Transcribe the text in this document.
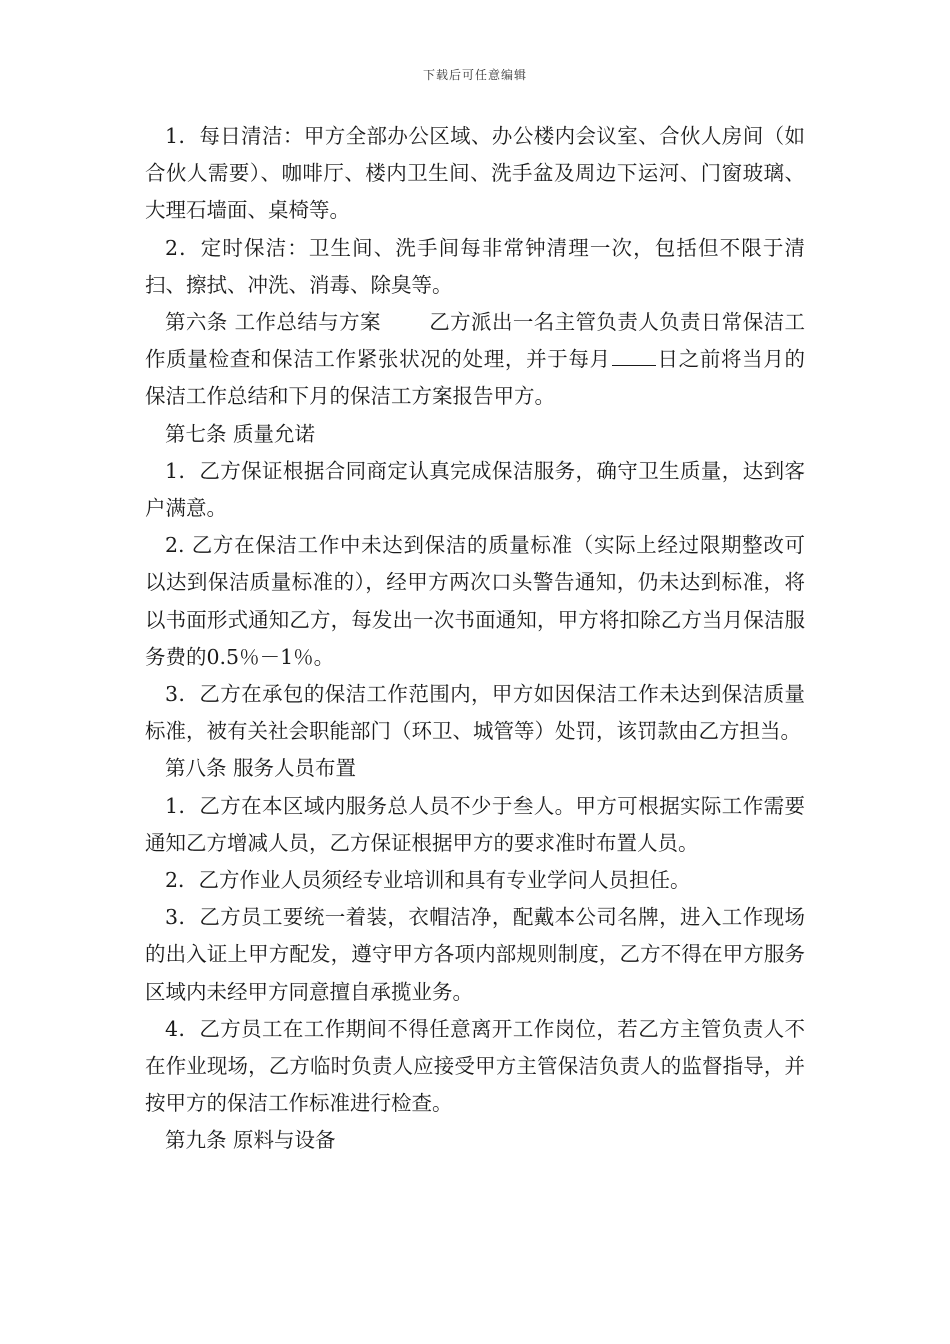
下载后可任意编辑

1．每日清洁：甲方全部办公区域、办公楼内会议室、合伙人房间（如合伙人需要）、咖啡厅、楼内卫生间、洗手盆及周边下运河、门窗玻璃、大理石墙面、桌椅等。

2．定时保洁：卫生间、洗手间每非常钟清理一次，包括但不限于清扫、擦拭、冲洗、消毒、除臭等。

第六条 工作总结与方案 乙方派出一名主管负责人负责日常保洁工作质量检查和保洁工作紧张状况的处理，并于每月 日之前将当月的保洁工作总结和下月的保洁工方案报告甲方。

第七条 质量允诺

1．乙方保证根据合同商定认真完成保洁服务，确守卫生质量，达到客户满意。

2. 乙方在保洁工作中未达到保洁的质量标准（实际上经过限期整改可以达到保洁质量标准的），经甲方两次口头警告通知，仍未达到标准，将以书面形式通知乙方，每发出一次书面通知，甲方将扣除乙方当月保洁服务费的0.5％－1％。

3．乙方在承包的保洁工作范围内，甲方如因保洁工作未达到保洁质量标准，被有关社会职能部门（环卫、城管等）处罚，该罚款由乙方担当。

第八条 服务人员布置

1．乙方在本区域内服务总人员不少于叁人。甲方可根据实际工作需要通知乙方增减人员，乙方保证根据甲方的要求准时布置人员。

2．乙方作业人员须经专业培训和具有专业学问人员担任。

3．乙方员工要统一着装，衣帽洁净，配戴本公司名牌，进入工作现场的出入证上甲方配发，遵守甲方各项内部规则制度，乙方不得在甲方服务区域内未经甲方同意擅自承揽业务。

4．乙方员工在工作期间不得任意离开工作岗位，若乙方主管负责人不在作业现场，乙方临时负责人应接受甲方主管保洁负责人的监督指导，并按甲方的保洁工作标准进行检查。

第九条 原料与设备
